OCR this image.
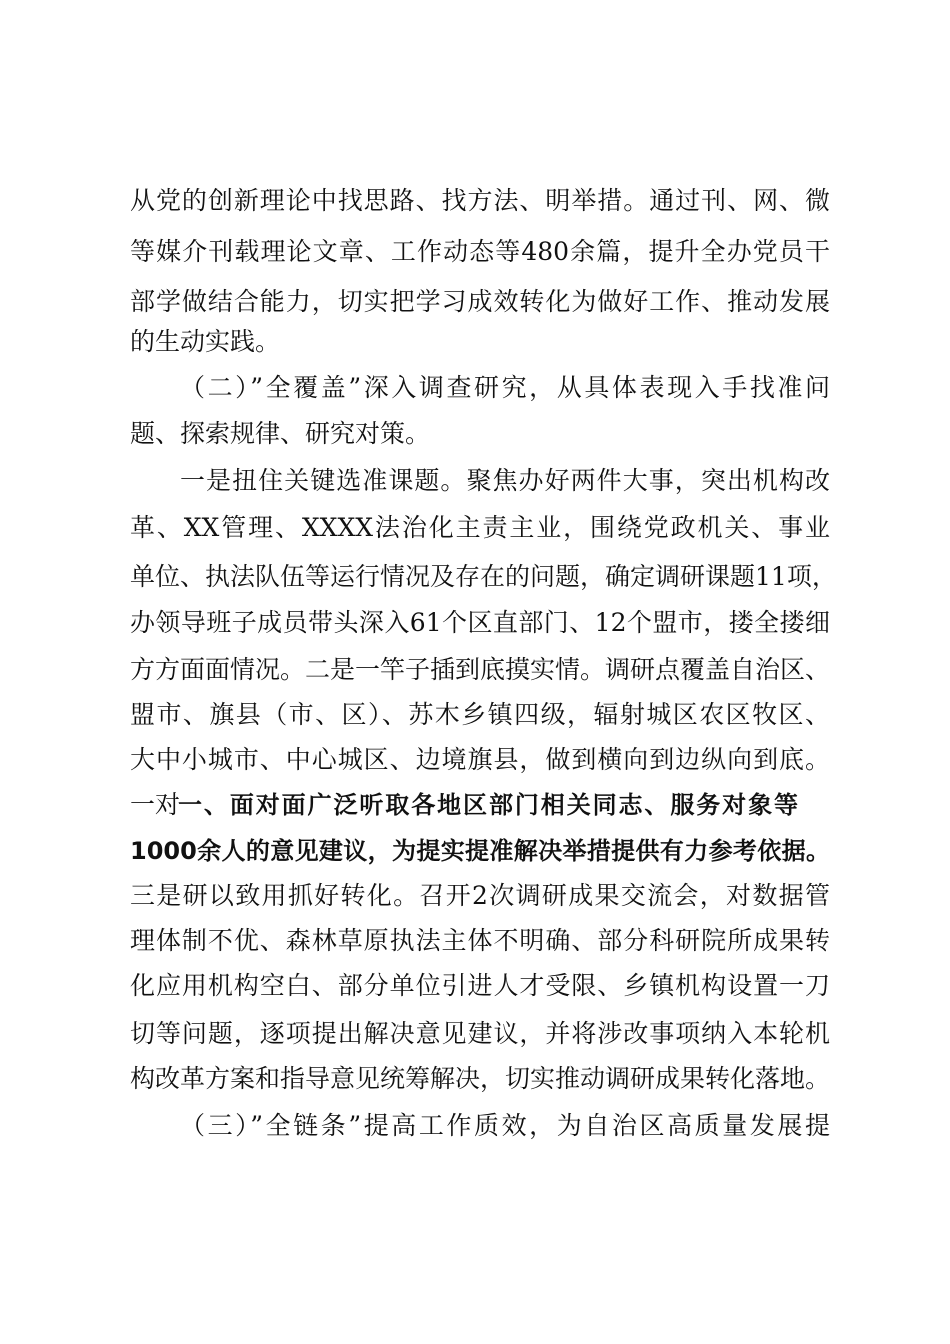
从党的创新理论中找思路、找方法、明举措。通过刊、网、微
等媒介刊载理论文章、工作动态等480余篇，提升全办党员干
部学做结合能力，切实把学习成效转化为做好工作、推动发展
的生动实践。
（二）”全覆盖”深入调查研究，从具体表现入手找准问
题、探索规律、研究对策。
一是扭住关键选准课题。聚焦办好两件大事，突出机构改
革、XX管理、XXXX法治化主责主业，围绕党政机关、事业
单位、执法队伍等运行情况及存在的问题，确定调研课题11项，
办领导班子成员带头深入61个区直部门、12个盟市，搂全搂细
方方面面情况。二是一竿子插到底摸实情。调研点覆盖自治区、
盟市、旗县（市、区）、苏木乡镇四级，辐射城区农区牧区、
大中小城市、中心城区、边境旗县，做到横向到边纵向到底。
一对
一、面对面广泛听取各地区部门相关同志、服务对象等
1000余人的意见建议，为提实提准解决举措提供有力参考依据。
三是研以致用抓好转化。召开2次调研成果交流会，对数据管
理体制不优、森林草原执法主体不明确、部分科研院所成果转
化应用机构空白、部分单位引进人才受限、乡镇机构设置一刀
切等问题，逐项提出解决意见建议，并将涉改事项纳入本轮机
构改革方案和指导意见统筹解决，切实推动调研成果转化落地。
（三）”全链条”提高工作质效，为自治区高质量发展提
